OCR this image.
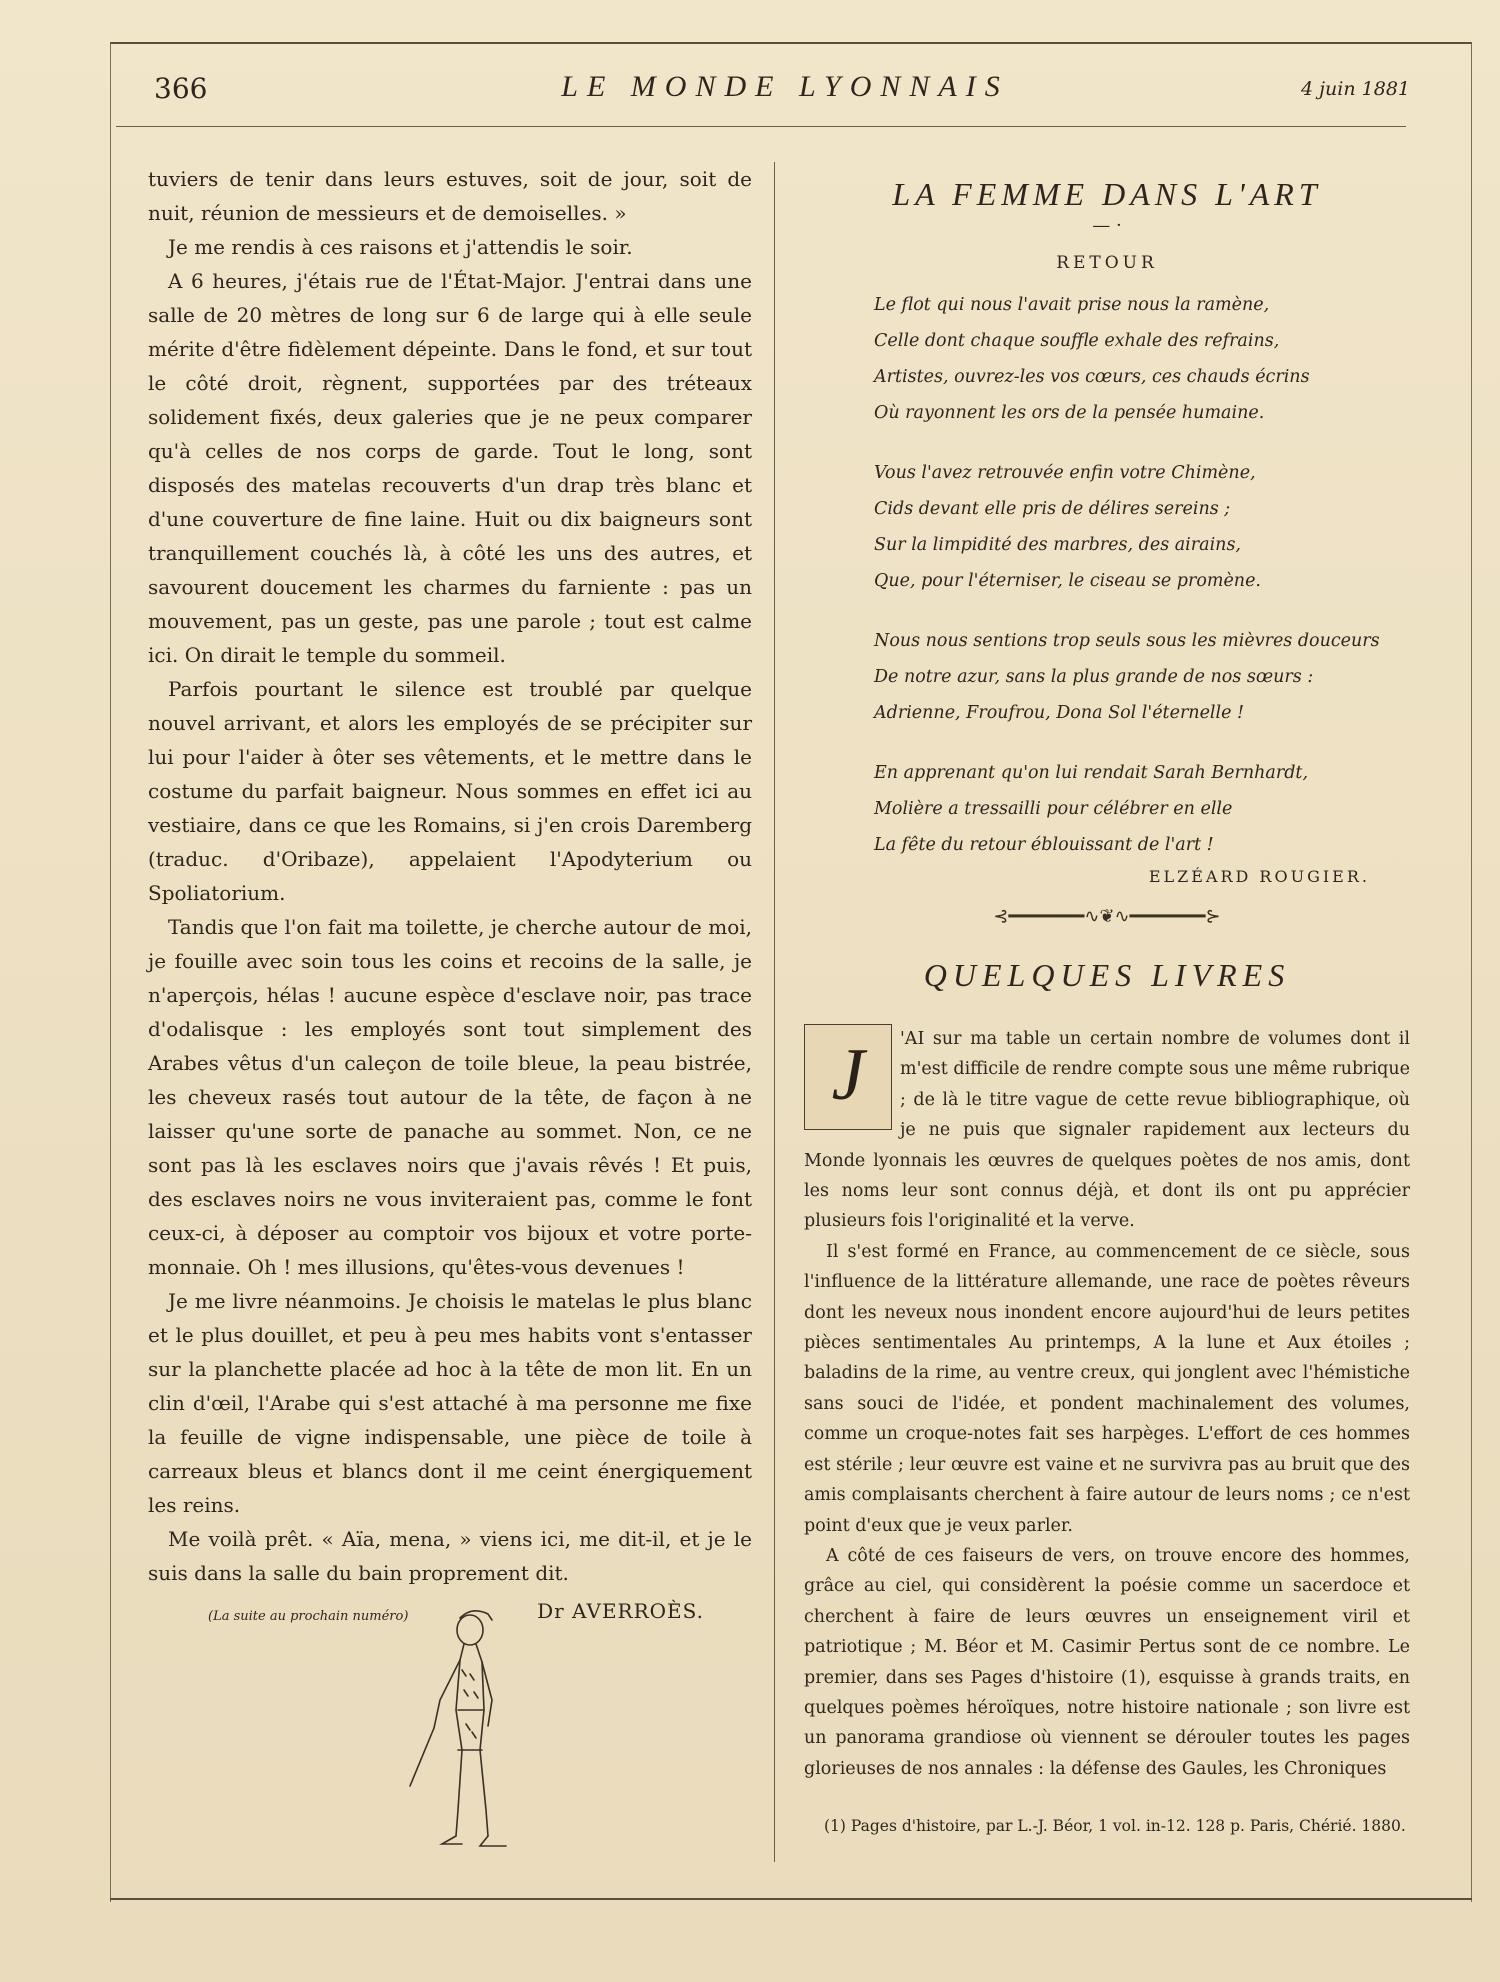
366	LE MONDE LYONNAIS	4 juin 1881

tuviers de tenir dans leurs estuves, soit de jour, soit de nuit, réunion de messieurs et de demoiselles. »

Je me rendis à ces raisons et j'attendis le soir.

A 6 heures, j'étais rue de l'État-Major. J'entrai dans une salle de 20 mètres de long sur 6 de large qui à elle seule mérite d'être fidèlement dépeinte. Dans le fond, et sur tout le côté droit, règnent, supportées par des tréteaux solidement fixés, deux galeries que je ne peux comparer qu'à celles de nos corps de garde. Tout le long, sont disposés des matelas recouverts d'un drap très blanc et d'une couverture de fine laine. Huit ou dix baigneurs sont tranquillement couchés là, à côté les uns des autres, et savourent doucement les charmes du farniente : pas un mouvement, pas un geste, pas une parole ; tout est calme ici. On dirait le temple du sommeil.

Parfois pourtant le silence est troublé par quelque nouvel arrivant, et alors les employés de se précipiter sur lui pour l'aider à ôter ses vêtements, et le mettre dans le costume du parfait baigneur. Nous sommes en effet ici au vestiaire, dans ce que les Romains, si j'en crois Daremberg (traduc. d'Oribaze), appelaient l'Apodyterium ou Spoliatorium.

Tandis que l'on fait ma toilette, je cherche autour de moi, je fouille avec soin tous les coins et recoins de la salle, je n'aperçois, hélas ! aucune espèce d'esclave noir, pas trace d'odalisque : les employés sont tout simplement des Arabes vêtus d'un caleçon de toile bleue, la peau bistrée, les cheveux rasés tout autour de la tête, de façon à ne laisser qu'une sorte de panache au sommet. Non, ce ne sont pas là les esclaves noirs que j'avais rêvés ! Et puis, des esclaves noirs ne vous inviteraient pas, comme le font ceux-ci, à déposer au comptoir vos bijoux et votre porte-monnaie. Oh ! mes illusions, qu'êtes-vous devenues !

Je me livre néanmoins. Je choisis le matelas le plus blanc et le plus douillet, et peu à peu mes habits vont s'entasser sur la planchette placée ad hoc à la tête de mon lit. En un clin d'œil, l'Arabe qui s'est attaché à ma personne me fixe la feuille de vigne indispensable, une pièce de toile à carreaux bleus et blancs dont il me ceint énergiquement les reins.

Me voilà prêt. « Aïa, mena, » viens ici, me dit-il, et je le suis dans la salle du bain proprement dit.

(La suite au prochain numéro)	Dr AVERROÈS.
LA FEMME DANS L'ART
— ·
RETOUR
Le flot qui nous l'avait prise nous la ramène,
Celle dont chaque souffle exhale des refrains,
Artistes, ouvrez-les vos cœurs, ces chauds écrins
Où rayonnent les ors de la pensée humaine.
Vous l'avez retrouvée enfin votre Chimène,
Cids devant elle pris de délires sereins ;
Sur la limpidité des marbres, des airains,
Que, pour l'éterniser, le ciseau se promène.
Nous nous sentions trop seuls sous les mièvres douceurs
De notre azur, sans la plus grande de nos sœurs :
Adrienne, Froufrou, Dona Sol l'éternelle !
En apprenant qu'on lui rendait Sarah Bernhardt,
Molière a tressailli pour célébrer en elle
La fête du retour éblouissant de l'art !
ELZÉARD ROUGIER.
⊰━━━━━━━∿❦∿━━━━━━━⊱
QUELQUES LIVRES
J	'AI sur ma table un certain nombre de volumes dont il m'est difficile de rendre compte sous une même rubrique ; de là le titre vague de cette revue bibliographique, où je ne puis que signaler rapidement aux lecteurs du Monde lyonnais les œuvres de quelques poètes de nos amis, dont les noms leur sont connus déjà, et dont ils ont pu apprécier plusieurs fois l'originalité et la verve.

Il s'est formé en France, au commencement de ce siècle, sous l'influence de la littérature allemande, une race de poètes rêveurs dont les neveux nous inondent encore aujourd'hui de leurs petites pièces sentimentales Au printemps, A la lune et Aux étoiles ; baladins de la rime, au ventre creux, qui jonglent avec l'hémistiche sans souci de l'idée, et pondent machinalement des volumes, comme un croque-notes fait ses harpèges. L'effort de ces hommes est stérile ; leur œuvre est vaine et ne survivra pas au bruit que des amis complaisants cherchent à faire autour de leurs noms ; ce n'est point d'eux que je veux parler.

A côté de ces faiseurs de vers, on trouve encore des hommes, grâce au ciel, qui considèrent la poésie comme un sacerdoce et cherchent à faire de leurs œuvres un enseignement viril et patriotique ; M. Béor et M. Casimir Pertus sont de ce nombre. Le premier, dans ses Pages d'histoire (1), esquisse à grands traits, en quelques poèmes héroïques, notre histoire nationale ; son livre est un panorama grandiose où viennent se dérouler toutes les pages glorieuses de nos annales : la défense des Gaules, les Chroniques

(1) Pages d'histoire, par L.-J. Béor, 1 vol. in-12. 128 p. Paris, Chérié. 1880.
